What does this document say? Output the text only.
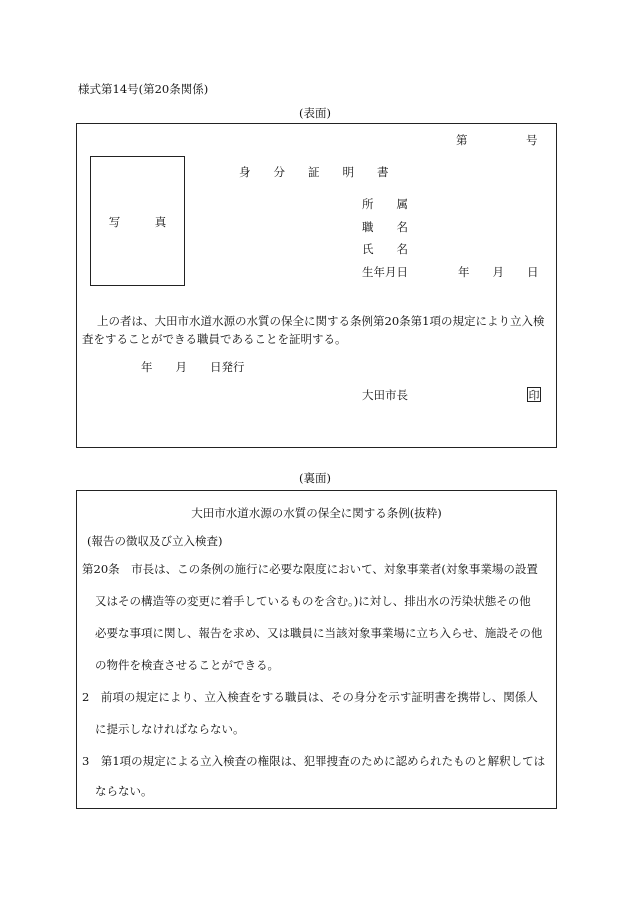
様式第14号(第20条関係)
(表面)
第	号
写　　　真
身　　分　　証　　明　　書
所　　属
職　　名
氏　　名
生年月日	年　　月　　日
上の者は、大田市水道水源の水質の保全に関する条例第20条第1項の規定により立入検
査をすることができる職員であることを証明する。
年　　月　　日発行
大田市長	印
(裏面)
大田市水道水源の水質の保全に関する条例(抜粋)
(報告の徴収及び立入検査)
第20条　市長は、この条例の施行に必要な限度において、対象事業者(対象事業場の設置
又はその構造等の変更に着手しているものを含む。)に対し、排出水の汚染状態その他
必要な事項に関し、報告を求め、又は職員に当該対象事業場に立ち入らせ、施設その他
の物件を検査させることができる。
2　前項の規定により、立入検査をする職員は、その身分を示す証明書を携帯し、関係人
に提示しなければならない。
3　第1項の規定による立入検査の権限は、犯罪捜査のために認められたものと解釈しては
ならない。
